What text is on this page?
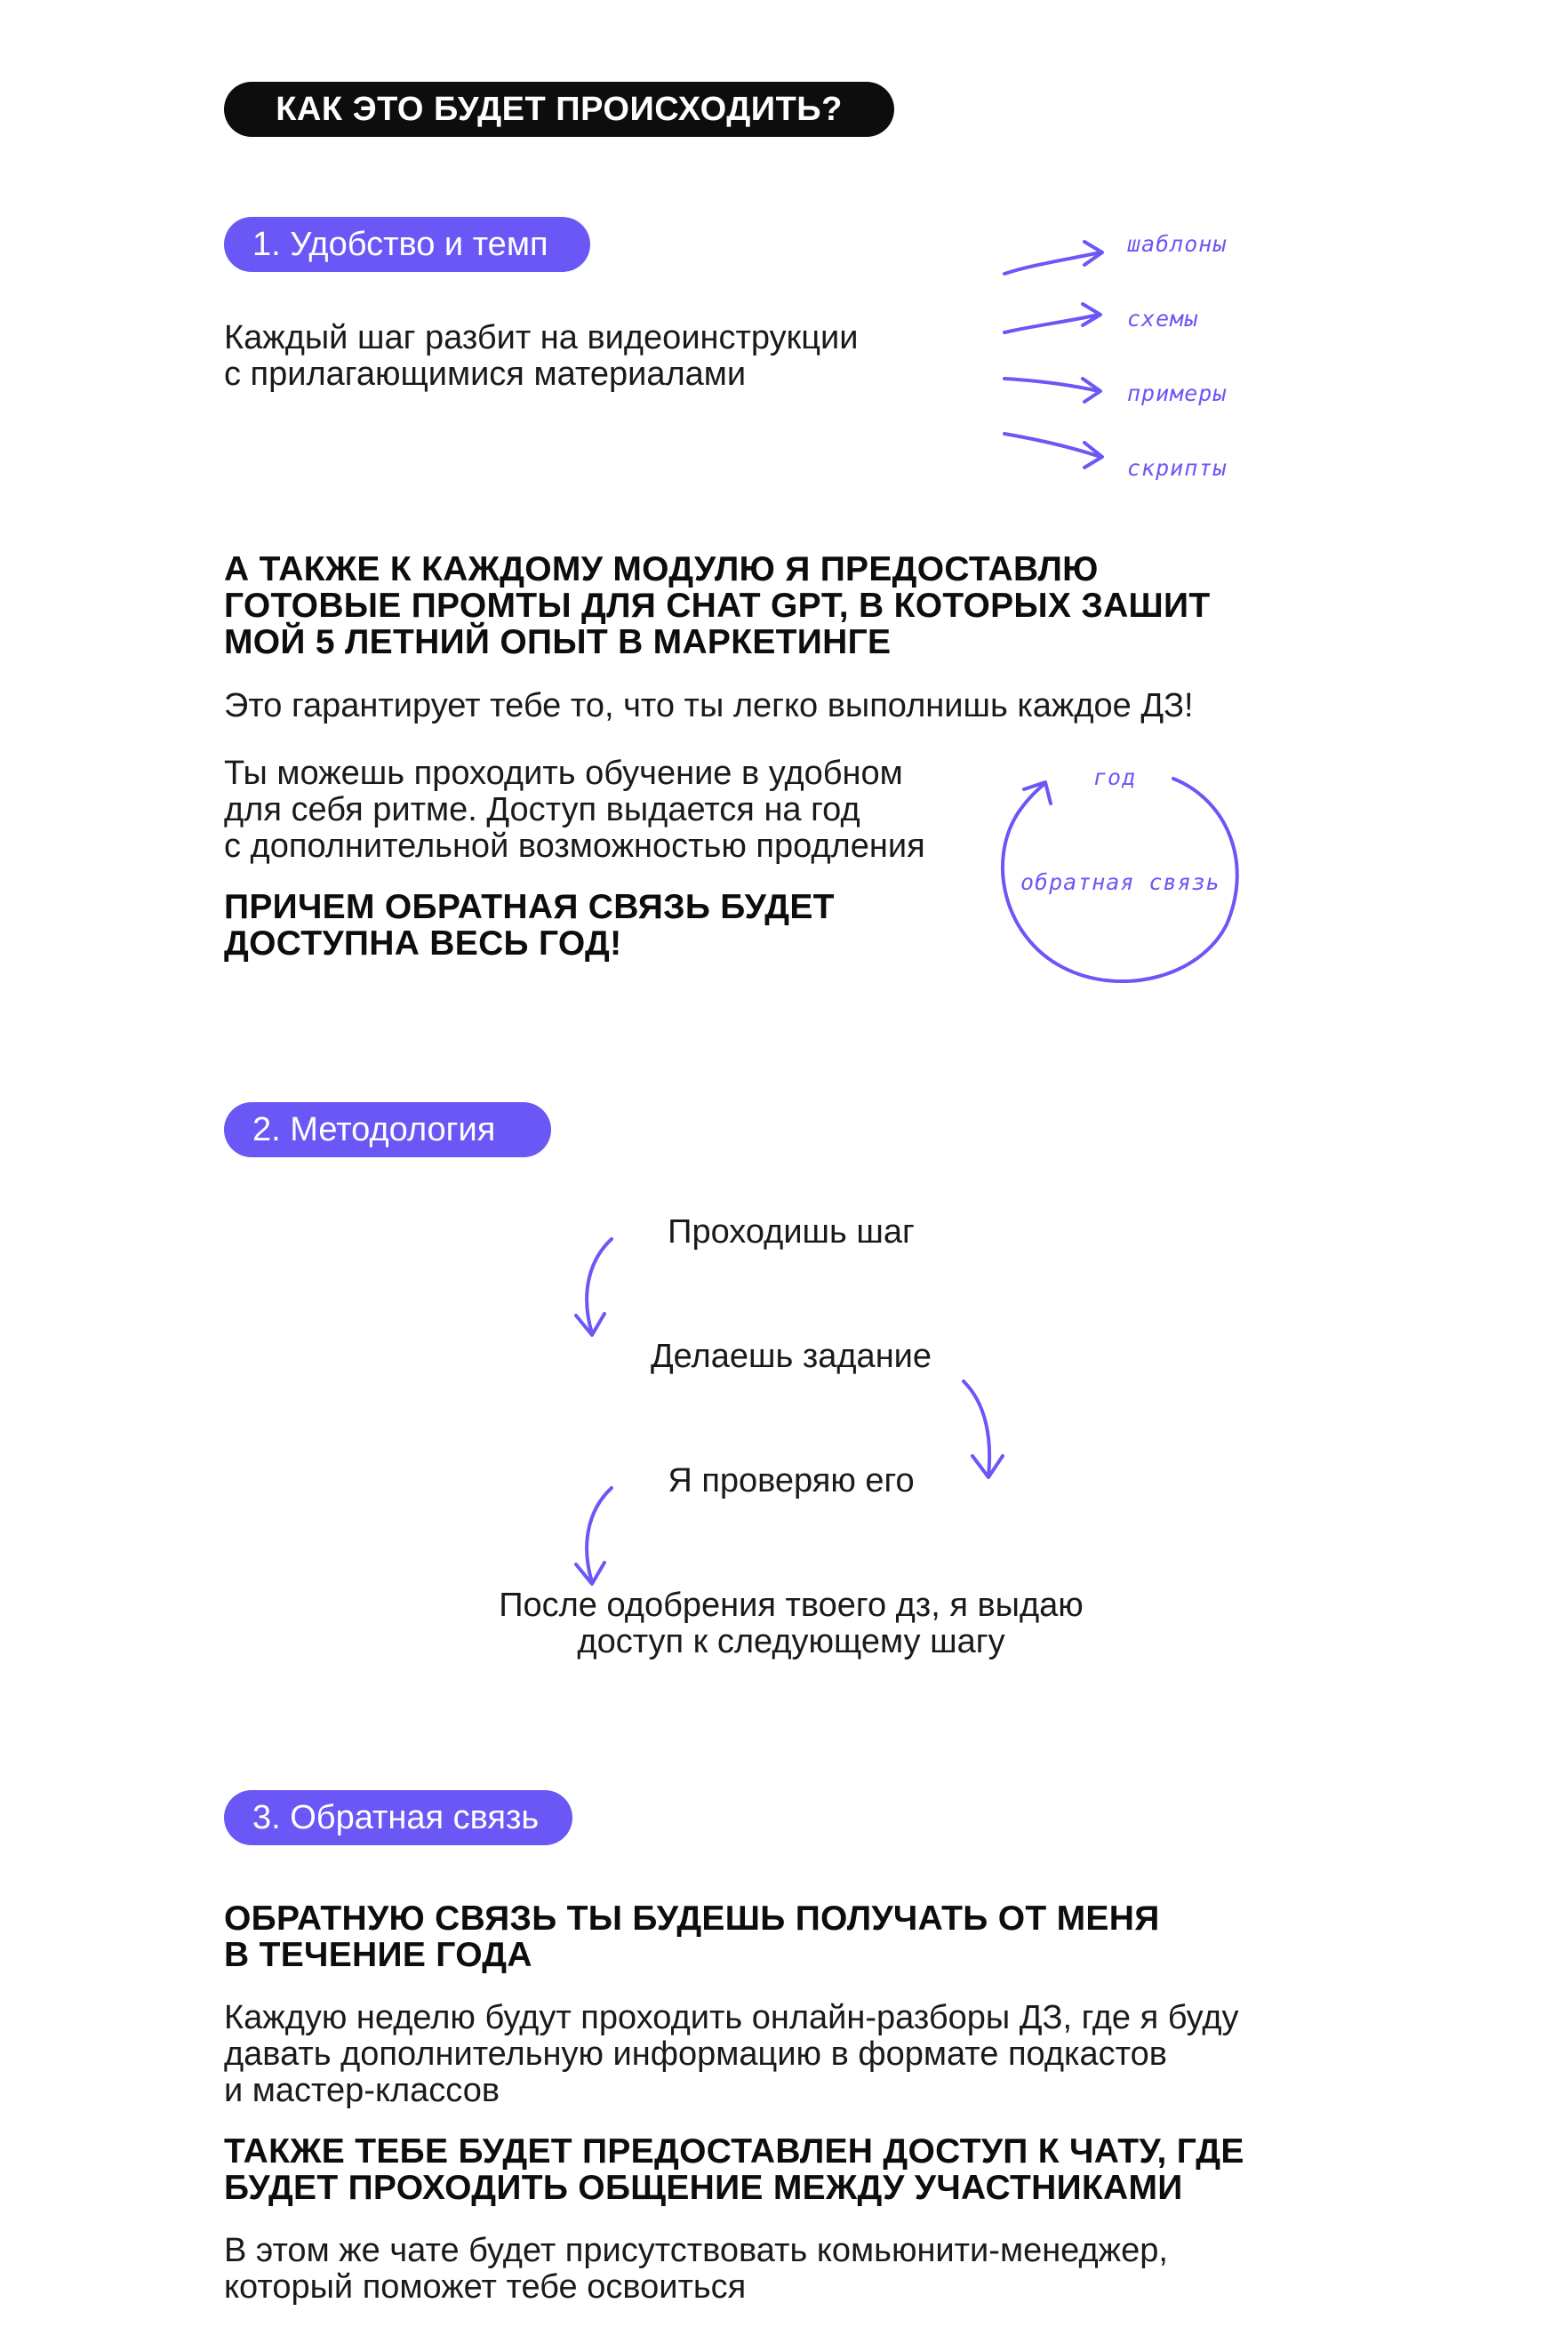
КАК ЭТО БУДЕТ ПРОИСХОДИТЬ?
1. Удобство и темп
Каждый шаг разбит на видеоинструкции
с прилагающимися материалами
шаблоны
схемы
примеры
скрипты
А ТАКЖЕ К КАЖДОМУ МОДУЛЮ Я ПРЕДОСТАВЛЮ
ГОТОВЫЕ ПРОМТЫ ДЛЯ CHAT GPT, В КОТОРЫХ ЗАШИТ
МОЙ 5 ЛЕТНИЙ ОПЫТ В МАРКЕТИНГЕ
Это гарантирует тебе то, что ты легко выполнишь каждое ДЗ!
Ты можешь проходить обучение в удобном
для себя ритме. Доступ выдается на год
с дополнительной возможностью продления
ПРИЧЕМ ОБРАТНАЯ СВЯЗЬ БУДЕТ
ДОСТУПНА ВЕСЬ ГОД!
год
обратная связь
2. Методология
Проходишь шаг
Делаешь задание
Я проверяю его
После одобрения твоего дз, я выдаю
доступ к следующему шагу
3. Обратная связь
ОБРАТНУЮ СВЯЗЬ ТЫ БУДЕШЬ ПОЛУЧАТЬ ОТ МЕНЯ
В ТЕЧЕНИЕ ГОДА
Каждую неделю будут проходить онлайн-разборы ДЗ, где я буду
давать дополнительную информацию в формате подкастов
и мастер-классов
ТАКЖЕ ТЕБЕ БУДЕТ ПРЕДОСТАВЛЕН ДОСТУП К ЧАТУ, ГДЕ
БУДЕТ ПРОХОДИТЬ ОБЩЕНИЕ МЕЖДУ УЧАСТНИКАМИ
В этом же чате будет присутствовать комьюнити-менеджер,
который поможет тебе освоиться
